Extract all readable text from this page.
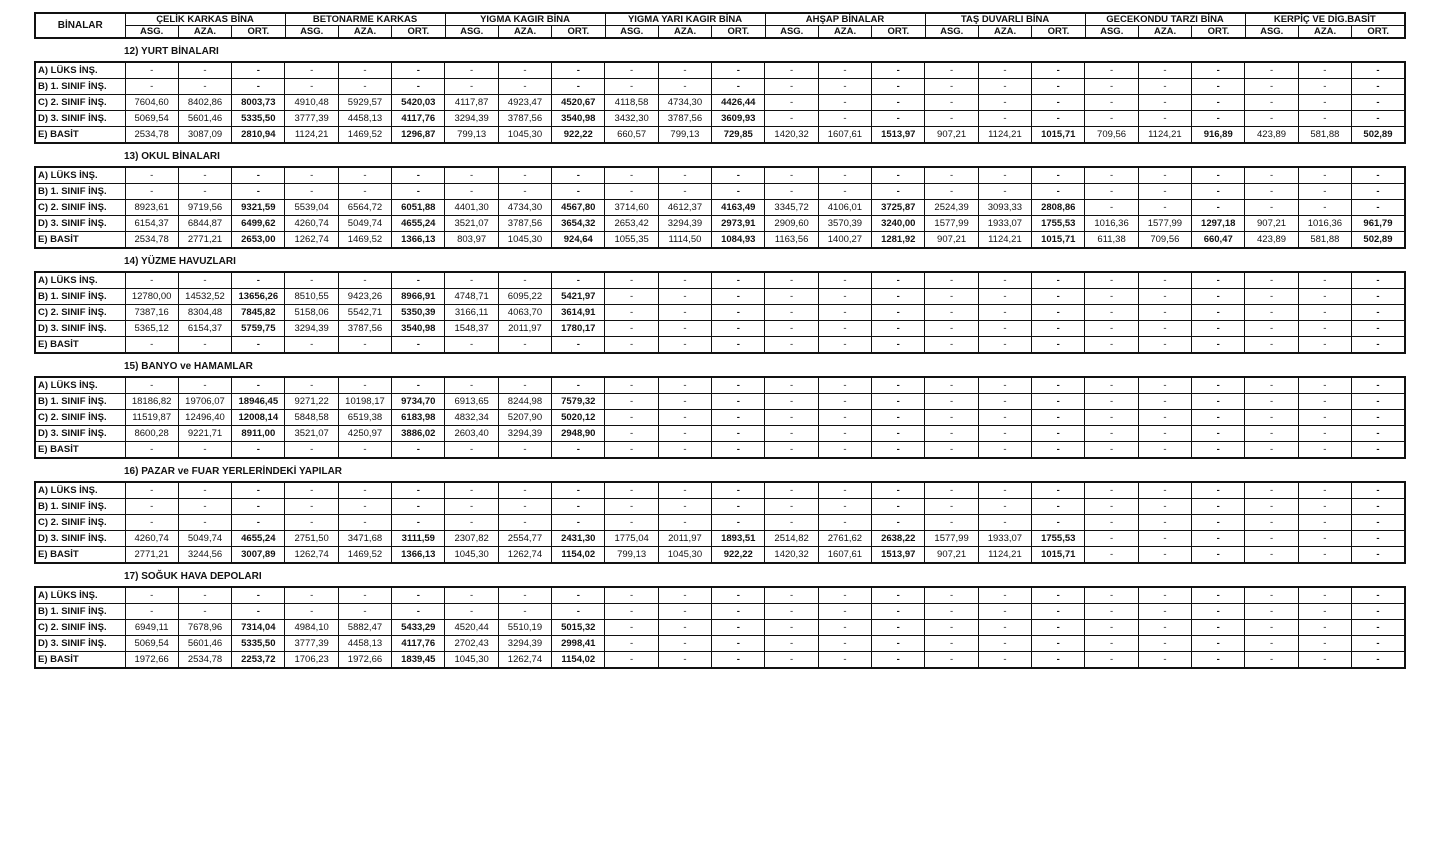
BİNALAR	ÇELİK KARKAS BİNA			BETONARME KARKAS			YIGMA KAGIR BİNA			YIGMA YARI KAGIR BİNA			AHŞAP BİNALAR			TAŞ DUVARLI BİNA			GECEKONDU TARZI BİNA			KERPİÇ VE DİG.BASİT		
	ASG.	AZA.	ORT.	ASG.	AZA.	ORT.	ASG.	AZA.	ORT.	ASG.	AZA.	ORT.	ASG.	AZA.	ORT.	ASG.	AZA.	ORT.	ASG.	AZA.	ORT.	ASG.	AZA.	ORT.
12) YURT BİNALARI
A) LÜKS İNŞ.	-	-	-	-	-	-	-	-	-	-	-	-	-	-	-	-	-	-	-	-	-	-	-	-
B) 1. SINIF İNŞ.	-	-	-	-	-	-	-	-	-	-	-	-	-	-	-	-	-	-	-	-	-	-	-	-
C) 2. SINIF İNŞ.	7604,60	8402,86	8003,73	4910,48	5929,57	5420,03	4117,87	4923,47	4520,67	4118,58	4734,30	4426,44	-	-	-	-	-	-	-	-	-	-	-	-
D) 3. SINIF İNŞ.	5069,54	5601,46	5335,50	3777,39	4458,13	4117,76	3294,39	3787,56	3540,98	3432,30	3787,56	3609,93	-	-	-	-	-	-	-	-	-	-	-	-
E) BASİT	2534,78	3087,09	2810,94	1124,21	1469,52	1296,87	799,13	1045,30	922,22	660,57	799,13	729,85	1420,32	1607,61	1513,97	907,21	1124,21	1015,71	709,56	1124,21	916,89	423,89	581,88	502,89
13) OKUL BİNALARI
A) LÜKS İNŞ.	-	-	-	-	-	-	-	-	-	-	-	-	-	-	-	-	-	-	-	-	-	-	-	-
B) 1. SINIF İNŞ.	-	-	-	-	-	-	-	-	-	-	-	-	-	-	-	-	-	-	-	-	-	-	-	-
C) 2. SINIF İNŞ.	8923,61	9719,56	9321,59	5539,04	6564,72	6051,88	4401,30	4734,30	4567,80	3714,60	4612,37	4163,49	3345,72	4106,01	3725,87	2524,39	3093,33	2808,86	-	-	-	-	-	-
D) 3. SINIF İNŞ.	6154,37	6844,87	6499,62	4260,74	5049,74	4655,24	3521,07	3787,56	3654,32	2653,42	3294,39	2973,91	2909,60	3570,39	3240,00	1577,99	1933,07	1755,53	1016,36	1577,99	1297,18	907,21	1016,36	961,79
E) BASİT	2534,78	2771,21	2653,00	1262,74	1469,52	1366,13	803,97	1045,30	924,64	1055,35	1114,50	1084,93	1163,56	1400,27	1281,92	907,21	1124,21	1015,71	611,38	709,56	660,47	423,89	581,88	502,89
14) YÜZME HAVUZLARI
A) LÜKS İNŞ.	-	-	-	-	-	-	-	-	-	-	-	-	-	-	-	-	-	-	-	-	-	-	-	-
B) 1. SINIF İNŞ.	12780,00	14532,52	13656,26	8510,55	9423,26	8966,91	4748,71	6095,22	5421,97	-	-	-	-	-	-	-	-	-	-	-	-	-	-	-
C) 2. SINIF İNŞ.	7387,16	8304,48	7845,82	5158,06	5542,71	5350,39	3166,11	4063,70	3614,91	-	-	-	-	-	-	-	-	-	-	-	-	-	-	-
D) 3. SINIF İNŞ.	5365,12	6154,37	5759,75	3294,39	3787,56	3540,98	1548,37	2011,97	1780,17	-	-	-	-	-	-	-	-	-	-	-	-	-	-	-
E) BASİT	-	-	-	-	-	-	-	-	-	-	-	-	-	-	-	-	-	-	-	-	-	-	-	-
15) BANYO ve HAMAMLAR
A) LÜKS İNŞ.	-	-	-	-	-	-	-	-	-	-	-	-	-	-	-	-	-	-	-	-	-	-	-	-
B) 1. SINIF İNŞ.	18186,82	19706,07	18946,45	9271,22	10198,17	9734,70	6913,65	8244,98	7579,32	-	-	-	-	-	-	-	-	-	-	-	-	-	-	-
C) 2. SINIF İNŞ.	11519,87	12496,40	12008,14	5848,58	6519,38	6183,98	4832,34	5207,90	5020,12	-	-	-	-	-	-	-	-	-	-	-	-	-	-	-
D) 3. SINIF İNŞ.	8600,28	9221,71	8911,00	3521,07	4250,97	3886,02	2603,40	3294,39	2948,90	-	-	-	-	-	-	-	-	-	-	-	-	-	-	-
E) BASİT	-	-	-	-	-	-	-	-	-	-	-	-	-	-	-	-	-	-	-	-	-	-	-	-
16) PAZAR ve FUAR YERLERİNDEKİ YAPILAR
A) LÜKS İNŞ.	-	-	-	-	-	-	-	-	-	-	-	-	-	-	-	-	-	-	-	-	-	-	-	-
B) 1. SINIF İNŞ.	-	-	-	-	-	-	-	-	-	-	-	-	-	-	-	-	-	-	-	-	-	-	-	-
C) 2. SINIF İNŞ.	-	-	-	-	-	-	-	-	-	-	-	-	-	-	-	-	-	-	-	-	-	-	-	-
D) 3. SINIF İNŞ.	4260,74	5049,74	4655,24	2751,50	3471,68	3111,59	2307,82	2554,77	2431,30	1775,04	2011,97	1893,51	2514,82	2761,62	2638,22	1577,99	1933,07	1755,53	-	-	-	-	-	-
E) BASİT	2771,21	3244,56	3007,89	1262,74	1469,52	1366,13	1045,30	1262,74	1154,02	799,13	1045,30	922,22	1420,32	1607,61	1513,97	907,21	1124,21	1015,71	-	-	-	-	-	-
17) SOĞUK HAVA DEPOLARI
A) LÜKS İNŞ.	-	-	-	-	-	-	-	-	-	-	-	-	-	-	-	-	-	-	-	-	-	-	-	-
B) 1. SINIF İNŞ.	-	-	-	-	-	-	-	-	-	-	-	-	-	-	-	-	-	-	-	-	-	-	-	-
C) 2. SINIF İNŞ.	6949,11	7678,96	7314,04	4984,10	5882,47	5433,29	4520,44	5510,19	5015,32	-	-	-	-	-	-	-	-	-	-	-	-	-	-	-
D) 3. SINIF İNŞ.	5069,54	5601,46	5335,50	3777,39	4458,13	4117,76	2702,43	3294,39	2998,41	-	-	-	-	-	-	-	-	-	-	-	-	-	-	-
E) BASİT	1972,66	2534,78	2253,72	1706,23	1972,66	1839,45	1045,30	1262,74	1154,02	-	-	-	-	-	-	-	-	-	-	-	-	-	-	-
